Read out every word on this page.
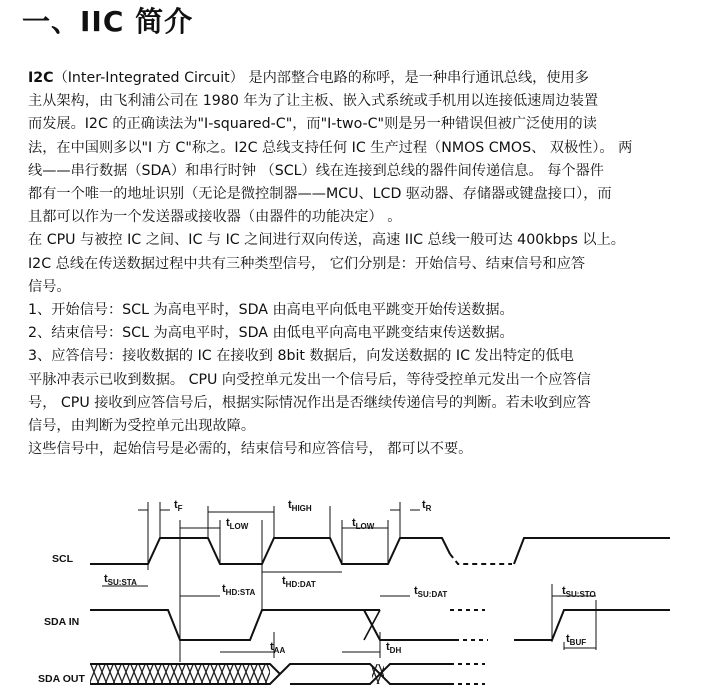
一、IIC 简介

I2C（Inter-Integrated Circuit） 是内部整合电路的称呼，是一种串行通讯总线，使用多

主从架构，由飞利浦公司在 1980 年为了让主板、嵌入式系统或手机用以连接低速周边装置

而发展。I2C 的正确读法为"I-squared-C"，而"I-two-C"则是另一种错误但被广泛使用的读

法，在中国则多以"I 方 C"称之。I2C 总线支持任何 IC 生产过程（NMOS CMOS、 双极性）。 两

线——串行数据（SDA）和串行时钟 （SCL）线在连接到总线的器件间传递信息。 每个器件

都有一个唯一的地址识别（无论是微控制器——MCU、LCD 驱动器、存储器或键盘接口），而

且都可以作为一个发送器或接收器（由器件的功能决定） 。

在 CPU 与被控 IC 之间、IC 与 IC 之间进行双向传送，高速 IIC 总线一般可达 400kbps 以上。

I2C 总线在传送数据过程中共有三种类型信号， 它们分别是：开始信号、结束信号和应答

信号。

1、开始信号：SCL 为高电平时，SDA 由高电平向低电平跳变开始传送数据。

2、结束信号：SCL 为高电平时，SDA 由低电平向高电平跳变结束传送数据。

3、应答信号：接收数据的 IC 在接收到 8bit 数据后，向发送数据的 IC 发出特定的低电

平脉冲表示已收到数据。 CPU 向受控单元发出一个信号后，等待受控单元发出一个应答信

号， CPU 接收到应答信号后，根据实际情况作出是否继续传递信号的判断。若未收到应答

信号，由判断为受控单元出现故障。

这些信号中，起始信号是必需的，结束信号和应答信号， 都可以不要。

SCL
SDA IN
SDA OUT
$t_F$
$t_{LOW}$
$t_{HIGH}$
$t_{LOW}$
$t_R$
$t_{SU:STA}$
$t_{HD:STA}$
$t_{HD:DAT}$
$t_{SU:DAT}$	$t_{SU:STO}$
$t_{BUF}$
$t_{AA}$	$t_{DH}$
